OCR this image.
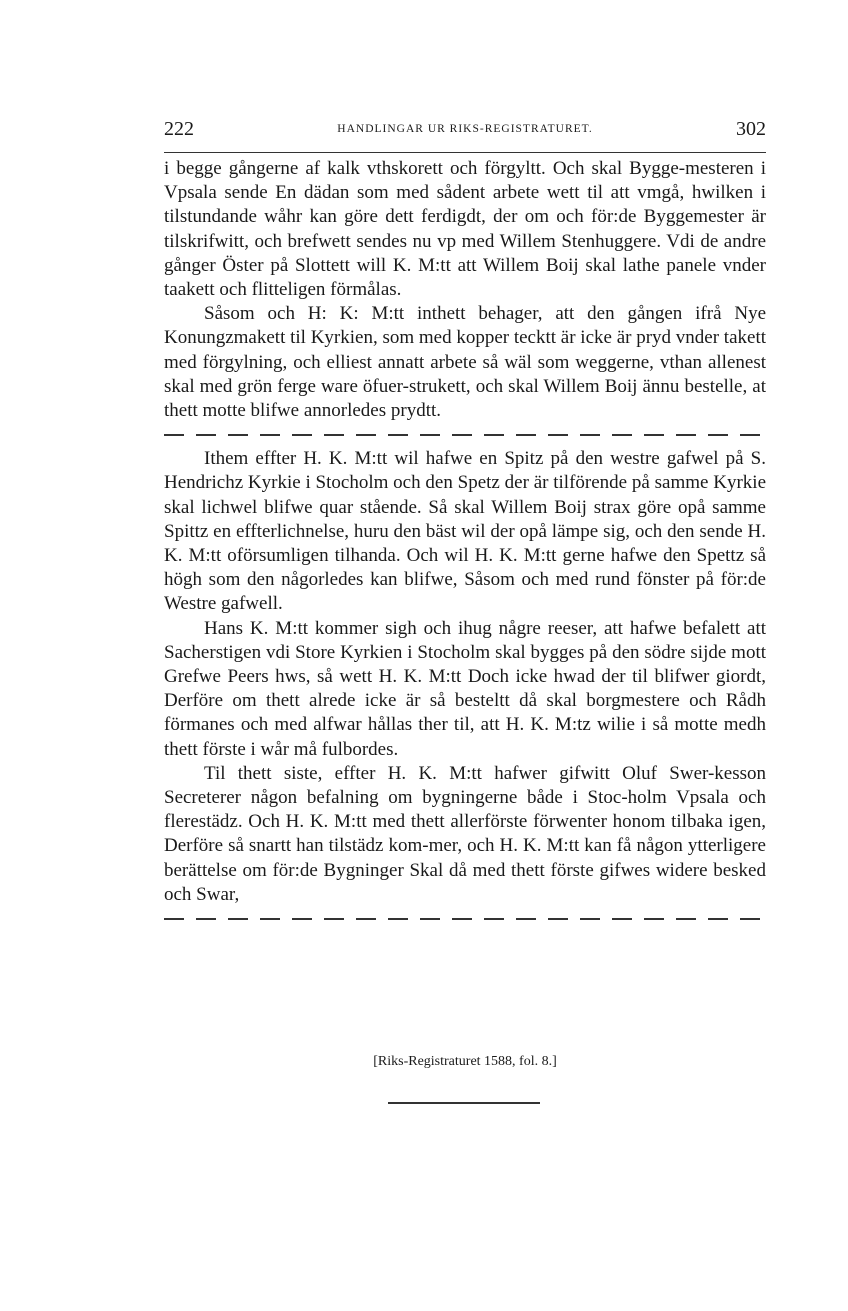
222	HANDLINGAR UR RIKS-REGISTRATURET.	302

i begge gångerne af kalk vthskorett och förgyltt. Och skal Bygge-mesteren i Vpsala sende En dädan som med sådent arbete wett til att vmgå, hwilken i tilstundande wåhr kan göre dett ferdigdt, der om och för:de Byggemester är tilskrifwitt, och brefwett sendes nu vp med Willem Stenhuggere. Vdi de andre gånger Öster på Slottett will K. M:tt att Willem Boij skal lathe panele vnder taakett och flitteligen förmålas.

Såsom och H: K: M:tt inthett behager, att den gången ifrå Nye Konungzmakett til Kyrkien, som med kopper tecktt är icke är pryd vnder takett med förgylning, och elliest annatt arbete så wäl som weggerne, vthan allenest skal med grön ferge ware öfuer-strukett, och skal Willem Boij ännu bestelle, at thett motte blifwe annorledes prydtt.

Ithem effter H. K. M:tt wil hafwe en Spitz på den westre gafwel på S. Hendrichz Kyrkie i Stocholm och den Spetz der är tilförende på samme Kyrkie skal lichwel blifwe quar stående. Så skal Willem Boij strax göre opå samme Spittz en effterlichnelse, huru den bäst wil der opå lämpe sig, och den sende H. K. M:tt oförsumligen tilhanda. Och wil H. K. M:tt gerne hafwe den Spettz så högh som den någorledes kan blifwe, Såsom och med rund fönster på för:de Westre gafwell.

Hans K. M:tt kommer sigh och ihug någre reeser, att hafwe befalett att Sacherstigen vdi Store Kyrkien i Stocholm skal bygges på den södre sijde mott Grefwe Peers hws, så wett H. K. M:tt Doch icke hwad der til blifwer giordt, Derföre om thett alrede icke är så besteltt då skal borgmestere och Rådh förmanes och med alfwar hållas ther til, att H. K. M:tz wilie i så motte medh thett förste i wår må fulbordes.

Til thett siste, effter H. K. M:tt hafwer gifwitt Oluf Swer-kesson Secreterer någon befalning om bygningerne både i Stoc-holm Vpsala och flerestädz. Och H. K. M:tt med thett allerförste förwenter honom tilbaka igen, Derföre så snartt han tilstädz kom-mer, och H. K. M:tt kan få någon ytterligere berättelse om för:de Bygninger Skal då med thett förste gifwes widere besked och Swar,

[Riks-Registraturet 1588, fol. 8.]
